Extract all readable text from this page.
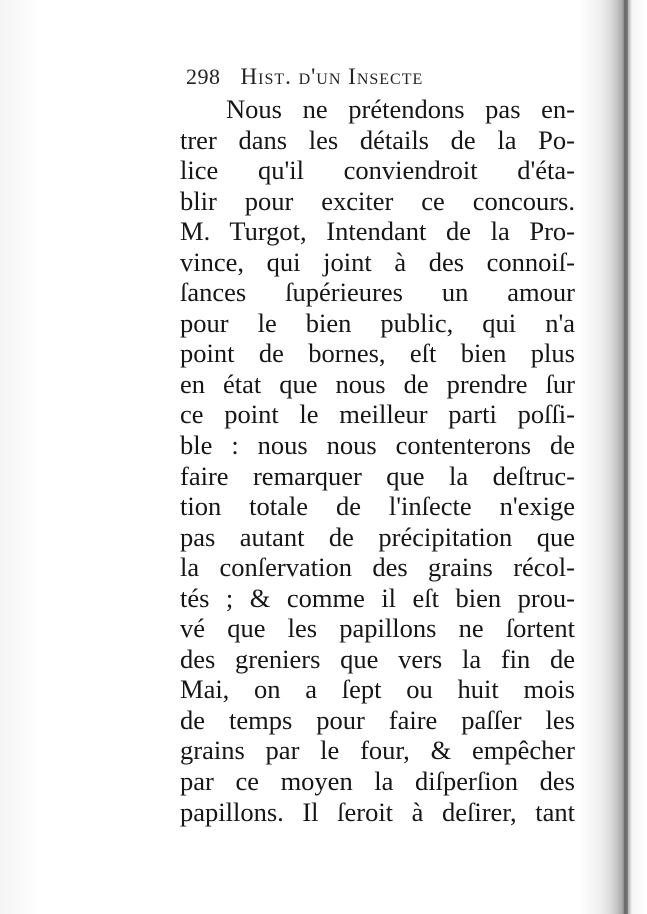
298 Hist. d'un Insecte
Nous ne prétendons pas en-
trer dans les détails de la Po-
lice qu'il conviendroit d'éta-
blir pour exciter ce concours.
M. Turgot, Intendant de la Pro-
vince, qui joint à des connoiſ-
ſances ſupérieures un amour
pour le bien public, qui n'a
point de bornes, eſt bien plus
en état que nous de prendre ſur
ce point le meilleur parti poſſi-
ble : nous nous contenterons de
faire remarquer que la deſtruc-
tion totale de l'inſecte n'exige
pas autant de précipitation que
la conſervation des grains récol-
tés ; & comme il eſt bien prou-
vé que les papillons ne ſortent
des greniers que vers la fin de
Mai, on a ſept ou huit mois
de temps pour faire paſſer les
grains par le four, & empêcher
par ce moyen la diſperſion des
papillons. Il ſeroit à deſirer, tant
